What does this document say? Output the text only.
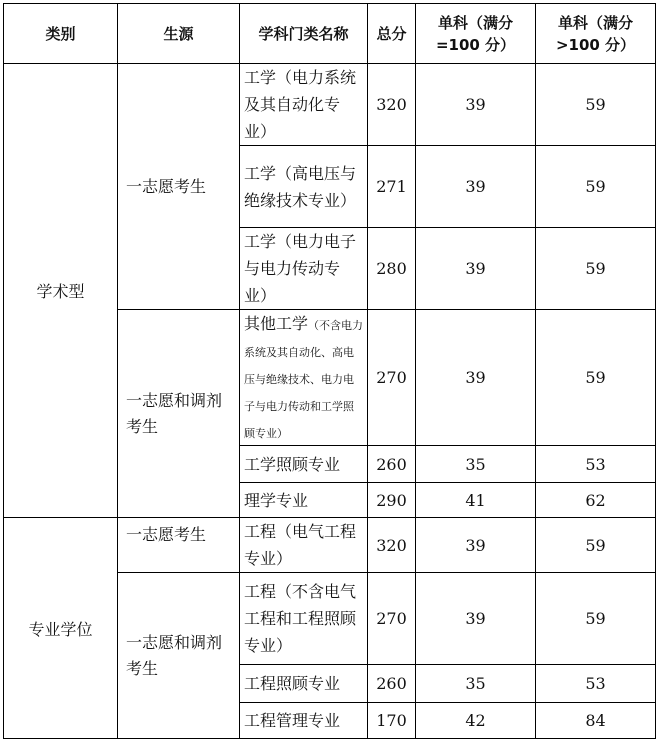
类别	生源	学科门类名称	总分	单科（满分=100 分）	单科（满分>100 分）
学术型	一志愿考生	工学（电力系统及其自动化专业）	320	39	59
		工学（高电压与绝缘技术专业）	271	39	59
		工学（电力电子与电力传动专业）	280	39	59
	一志愿和调剂考生	其他工学（不含电力系统及其自动化、高电压与绝缘技术、电力电子与电力传动和工学照顾专业）	270	39	59
		工学照顾专业	260	35	53
		理学专业	290	41	62
专业学位	一志愿考生	工程（电气工程专业）	320	39	59
	一志愿和调剂考生	工程（不含电气工程和工程照顾专业）	270	39	59
		工程照顾专业	260	35	53
		工程管理专业	170	42	84
